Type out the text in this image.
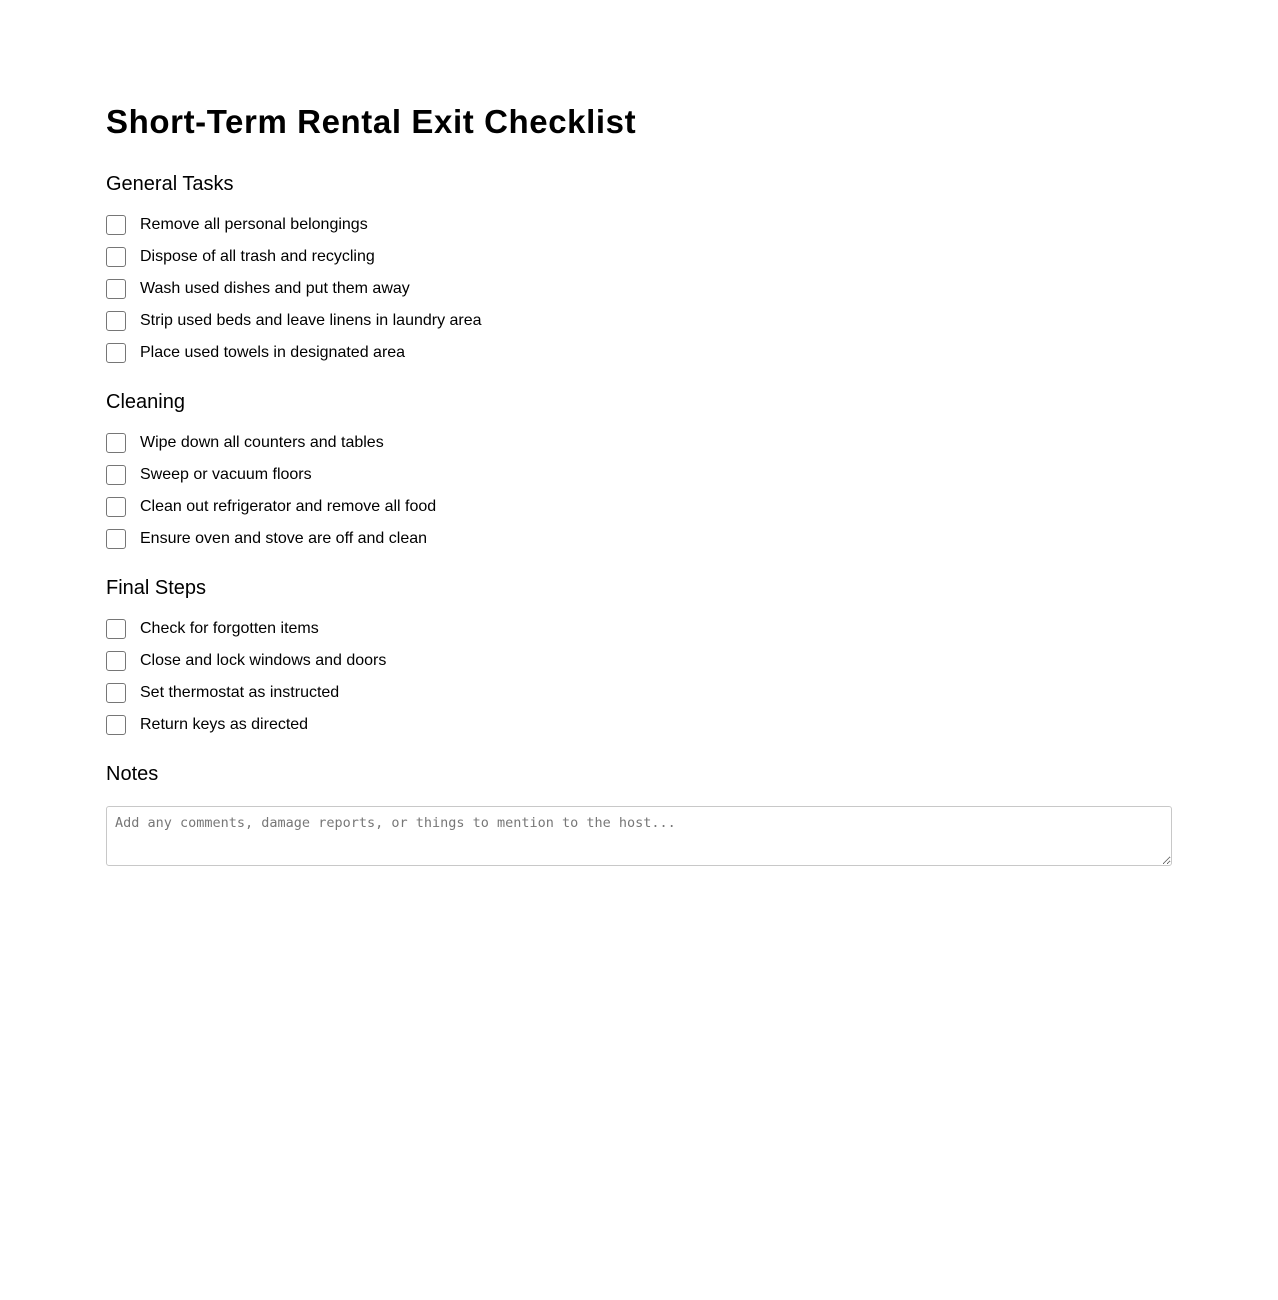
Short-Term Rental Exit Checklist
General Tasks
Remove all personal belongings
Dispose of all trash and recycling
Wash used dishes and put them away
Strip used beds and leave linens in laundry area
Place used towels in designated area
Cleaning
Wipe down all counters and tables
Sweep or vacuum floors
Clean out refrigerator and remove all food
Ensure oven and stove are off and clean
Final Steps
Check for forgotten items
Close and lock windows and doors
Set thermostat as instructed
Return keys as directed
Notes
Add any comments, damage reports, or things to mention to the host...
